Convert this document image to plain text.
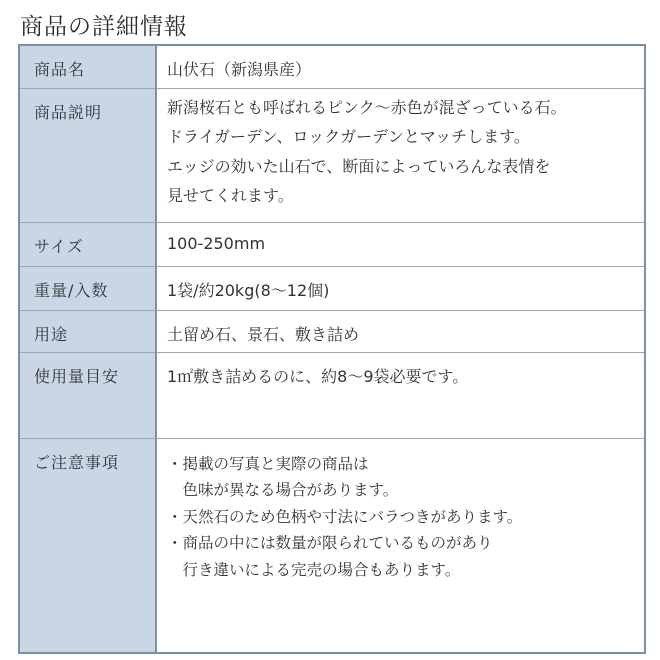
商品の詳細情報
商品名	山伏石（新潟県産）
商品説明	新潟桜石とも呼ばれるピンク～赤色が混ざっている石。
ドライガーデン、ロックガーデンとマッチします。
エッジの効いた山石で、断面によっていろんな表情を
見せてくれます。

サイズ	100-250mm
重量/入数	1袋/約20kg(8～12個)
用途	土留め石、景石、敷き詰め
使用量目安	1㎡敷き詰めるのに、約8～9袋必要です。
ご注意事項	・掲載の写真と実際の商品は
　色味が異なる場合があります。
・天然石のため色柄や寸法にバラつきがあります。
・商品の中には数量が限られているものがあり
　行き違いによる完売の場合もあります。
